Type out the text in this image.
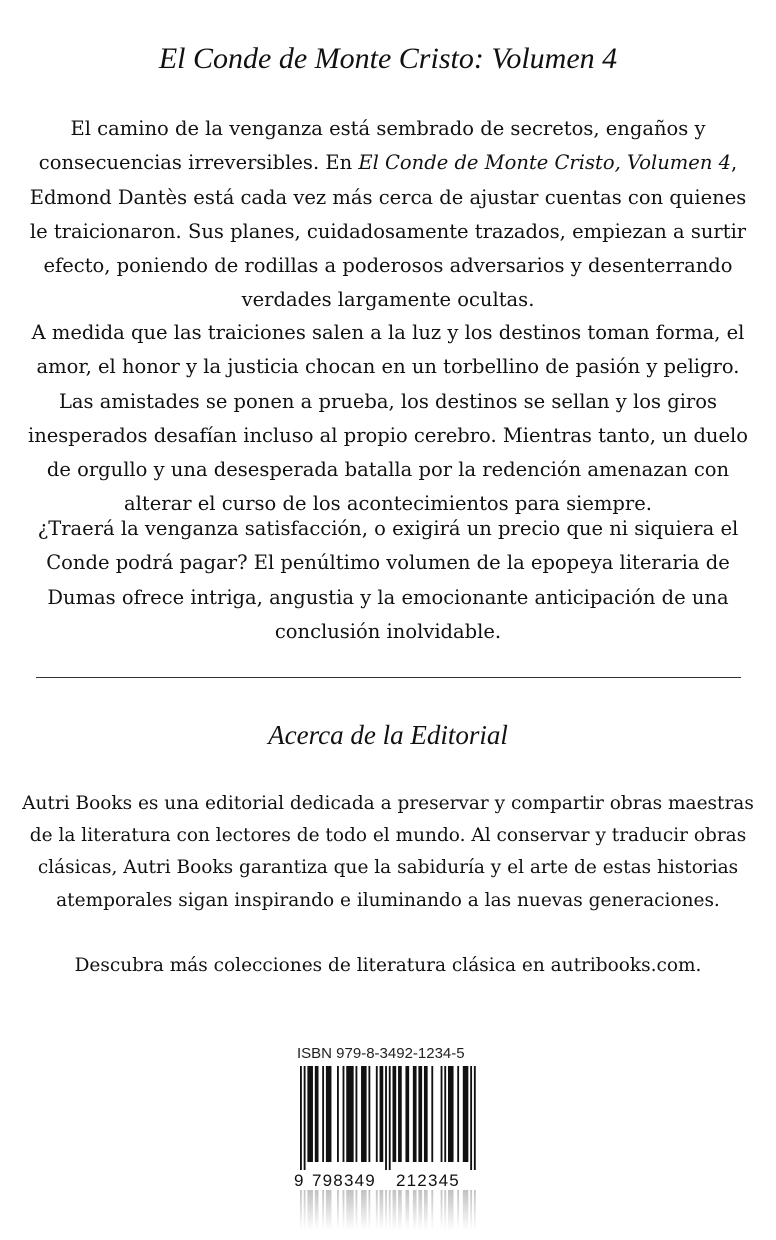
El Conde de Monte Cristo: Volumen 4

El camino de la venganza está sembrado de secretos, engaños y consecuencias irreversibles. En El Conde de Monte Cristo, Volumen 4, Edmond Dantès está cada vez más cerca de ajustar cuentas con quienes le traicionaron. Sus planes, cuidadosamente trazados, empiezan a surtir efecto, poniendo de rodillas a poderosos adversarios y desenterrando verdades largamente ocultas.

A medida que las traiciones salen a la luz y los destinos toman forma, el amor, el honor y la justicia chocan en un torbellino de pasión y peligro. Las amistades se ponen a prueba, los destinos se sellan y los giros inesperados desafían incluso al propio cerebro. Mientras tanto, un duelo de orgullo y una desesperada batalla por la redención amenazan con alterar el curso de los acontecimientos para siempre.

¿Traerá la venganza satisfacción, o exigirá un precio que ni siquiera el Conde podrá pagar? El penúltimo volumen de la epopeya literaria de Dumas ofrece intriga, angustia y la emocionante anticipación de una conclusión inolvidable.

Acerca de la Editorial

Autri Books es una editorial dedicada a preservar y compartir obras maestras de la literatura con lectores de todo el mundo. Al conservar y traducir obras clásicas, Autri Books garantiza que la sabiduría y el arte de estas historias atemporales sigan inspirando e iluminando a las nuevas generaciones.

Descubra más colecciones de literatura clásica en autribooks.com.

ISBN 979-8-3492-1234-5
9 798349 212345
